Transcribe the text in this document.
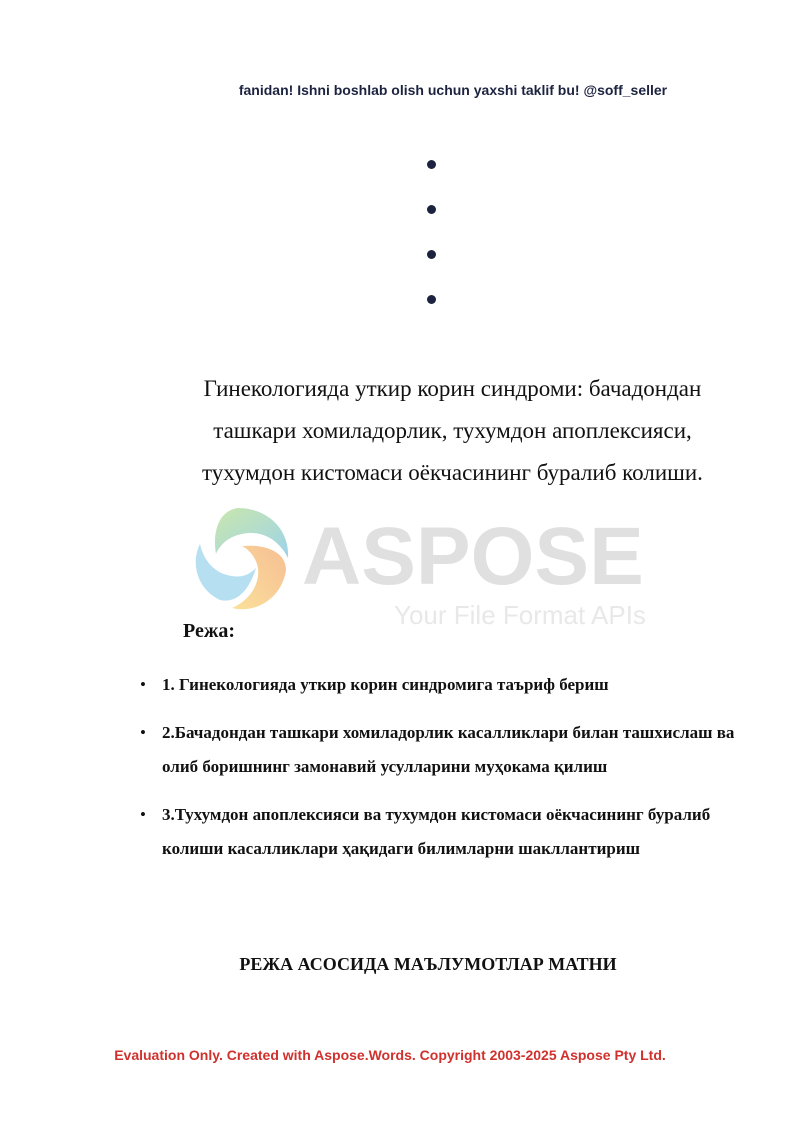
fanidan! Ishni boshlab olish uchun yaxshi taklif bu! @soff_seller
Гинекологияда уткир корин синдроми: бачадондан
ташкари хомиладорлик, тухумдон апоплексияси,
тухумдон кистомаси оёкчасининг буралиб колиши.
ASPOSE
Your File Format APIs

Режа:

• 1. Гинекологияда уткир корин синдромига таъриф бериш
• 2.Бачадондан ташкари хомиладорлик касалликлари билан ташхислаш ва олиб боришнинг замонавий усулларини муҳокама қилиш
• 3.Тухумдон апоплексияси ва тухумдон кистомаси оёкчасининг буралиб колиши касалликлари ҳақидаги билимларни шакллантириш

РЕЖА АСОСИДА МАЪЛУМОТЛАР МАТНИ

Evaluation Only. Created with Aspose.Words. Copyright 2003-2025 Aspose Pty Ltd.
